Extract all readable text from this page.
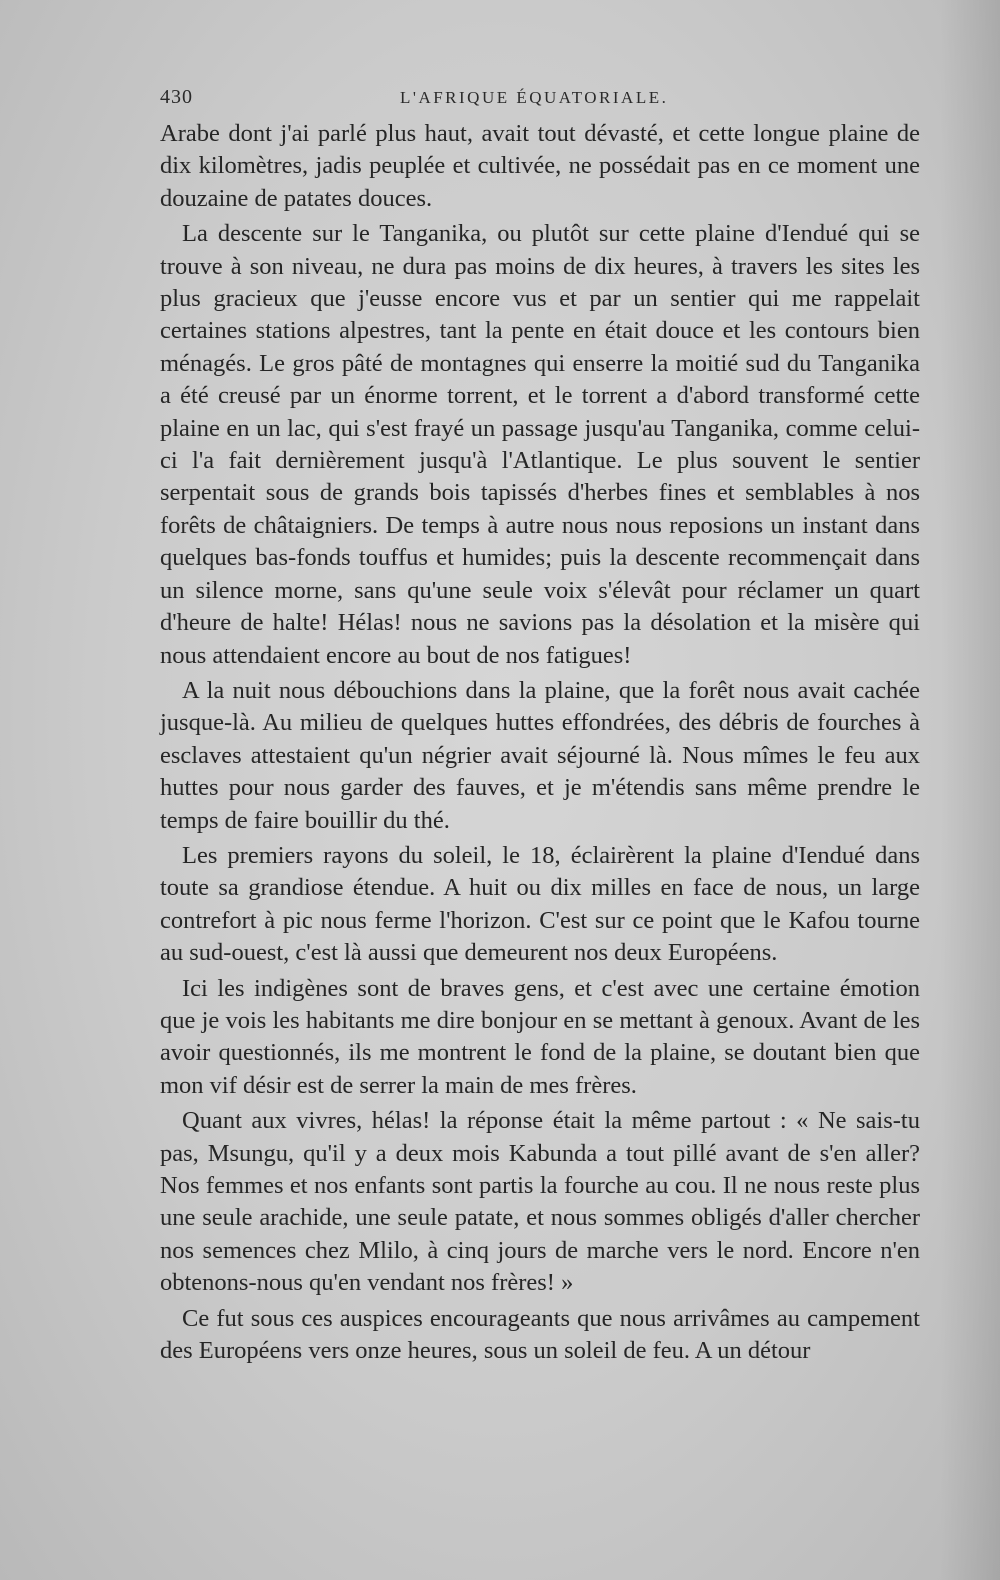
430	L'AFRIQUE ÉQUATORIALE.

Arabe dont j'ai parlé plus haut, avait tout dévasté, et cette longue plaine de dix kilomètres, jadis peuplée et cultivée, ne possédait pas en ce moment une douzaine de patates douces.

La descente sur le Tanganika, ou plutôt sur cette plaine d'Iendué qui se trouve à son niveau, ne dura pas moins de dix heures, à travers les sites les plus gracieux que j'eusse encore vus et par un sentier qui me rappelait certaines stations alpestres, tant la pente en était douce et les contours bien ménagés. Le gros pâté de montagnes qui enserre la moitié sud du Tanganika a été creusé par un énorme torrent, et le torrent a d'abord transformé cette plaine en un lac, qui s'est frayé un passage jusqu'au Tanganika, comme celui-ci l'a fait dernièrement jusqu'à l'Atlantique. Le plus souvent le sentier serpentait sous de grands bois tapissés d'herbes fines et semblables à nos forêts de châtaigniers. De temps à autre nous nous reposions un instant dans quelques bas-fonds touffus et humides; puis la descente recommençait dans un silence morne, sans qu'une seule voix s'élevât pour réclamer un quart d'heure de halte! Hélas! nous ne savions pas la désolation et la misère qui nous attendaient encore au bout de nos fatigues!

A la nuit nous débouchions dans la plaine, que la forêt nous avait cachée jusque-là. Au milieu de quelques huttes effondrées, des débris de fourches à esclaves attestaient qu'un négrier avait séjourné là. Nous mîmes le feu aux huttes pour nous garder des fauves, et je m'étendis sans même prendre le temps de faire bouillir du thé.

Les premiers rayons du soleil, le 18, éclairèrent la plaine d'Iendué dans toute sa grandiose étendue. A huit ou dix milles en face de nous, un large contrefort à pic nous ferme l'horizon. C'est sur ce point que le Kafou tourne au sud-ouest, c'est là aussi que demeurent nos deux Européens.

Ici les indigènes sont de braves gens, et c'est avec une certaine émotion que je vois les habitants me dire bonjour en se mettant à genoux. Avant de les avoir questionnés, ils me montrent le fond de la plaine, se doutant bien que mon vif désir est de serrer la main de mes frères.

Quant aux vivres, hélas! la réponse était la même partout : « Ne sais-tu pas, Msungu, qu'il y a deux mois Kabunda a tout pillé avant de s'en aller? Nos femmes et nos enfants sont partis la fourche au cou. Il ne nous reste plus une seule arachide, une seule patate, et nous sommes obligés d'aller chercher nos semences chez Mlilo, à cinq jours de marche vers le nord. Encore n'en obtenons-nous qu'en vendant nos frères! »

Ce fut sous ces auspices encourageants que nous arrivâmes au campement des Européens vers onze heures, sous un soleil de feu. A un détour
